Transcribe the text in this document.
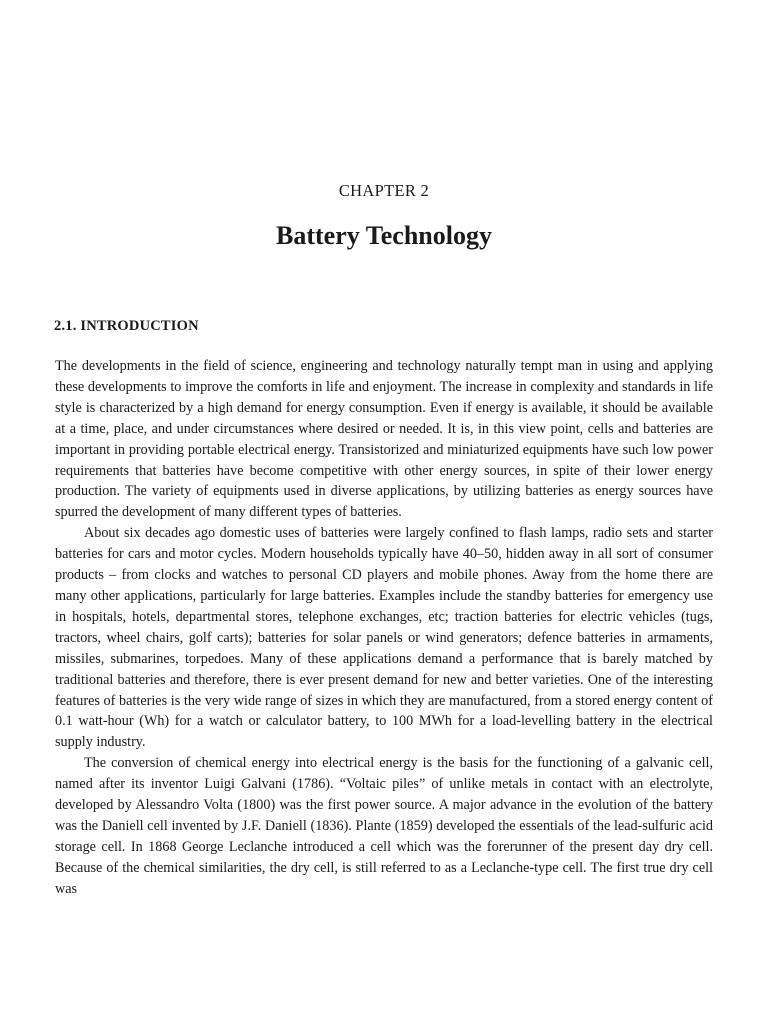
CHAPTER 2
Battery Technology
2.1. INTRODUCTION

The developments in the field of science, engineering and technology naturally tempt man in using and applying these developments to improve the comforts in life and enjoyment. The increase in complexity and standards in life style is characterized by a high demand for energy consumption. Even if energy is available, it should be available at a time, place, and under circumstances where desired or needed. It is, in this view point, cells and batteries are important in providing portable electrical energy. Transistorized and miniaturized equipments have such low power requirements that batteries have become competitive with other energy sources, in spite of their lower energy production. The variety of equipments used in diverse applications, by utilizing batteries as energy sources have spurred the development of many different types of batteries.

About six decades ago domestic uses of batteries were largely confined to flash lamps, radio sets and starter batteries for cars and motor cycles. Modern households typically have 40–50, hidden away in all sort of consumer products – from clocks and watches to personal CD players and mobile phones. Away from the home there are many other applications, particularly for large batteries. Examples include the standby batteries for emergency use in hospitals, hotels, departmental stores, telephone exchanges, etc; traction batteries for electric vehicles (tugs, tractors, wheel chairs, golf carts); batteries for solar panels or wind generators; defence batteries in armaments, missiles, submarines, torpedoes. Many of these applications demand a performance that is barely matched by traditional batteries and therefore, there is ever present demand for new and better varieties. One of the interesting features of batteries is the very wide range of sizes in which they are manufactured, from a stored energy content of 0.1 watt-hour (Wh) for a watch or calculator battery, to 100 MWh for a load-levelling battery in the electrical supply industry.

The conversion of chemical energy into electrical energy is the basis for the functioning of a galvanic cell, named after its inventor Luigi Galvani (1786). “Voltaic piles” of unlike metals in contact with an electrolyte, developed by Alessandro Volta (1800) was the first power source. A major advance in the evolution of the battery was the Daniell cell invented by J.F. Daniell (1836). Plante (1859) developed the essentials of the lead-sulfuric acid storage cell. In 1868 George Leclanche introduced a cell which was the forerunner of the present day dry cell. Because of the chemical similarities, the dry cell, is still referred to as a Leclanche-type cell. The first true dry cell was
